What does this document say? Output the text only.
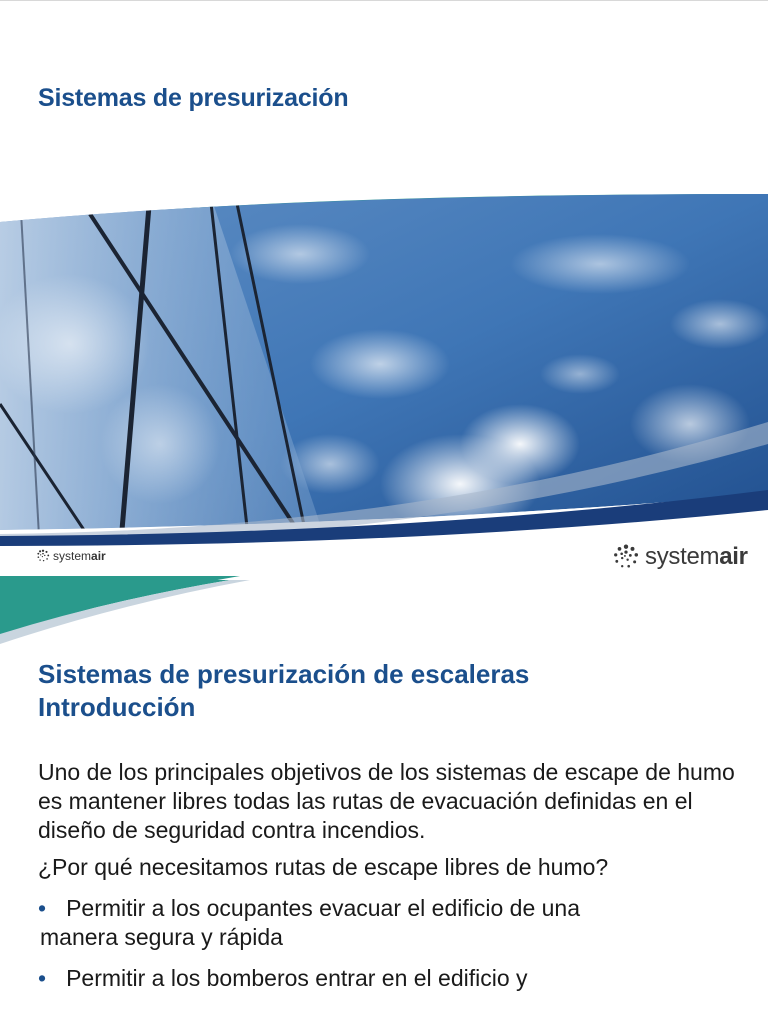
Sistemas de presurización
systemair	systemair
Sistemas de presurización de escaleras
Introducción

Uno de los principales objetivos de los sistemas de escape de humo es mantener libres todas las rutas de evacuación definidas en el diseño de seguridad contra incendios.

¿Por qué necesitamos rutas de escape libres de humo?

• Permitir a los ocupantes evacuar el edificio de una
manera segura y rápida

• Permitir a los bomberos entrar en el edificio y
